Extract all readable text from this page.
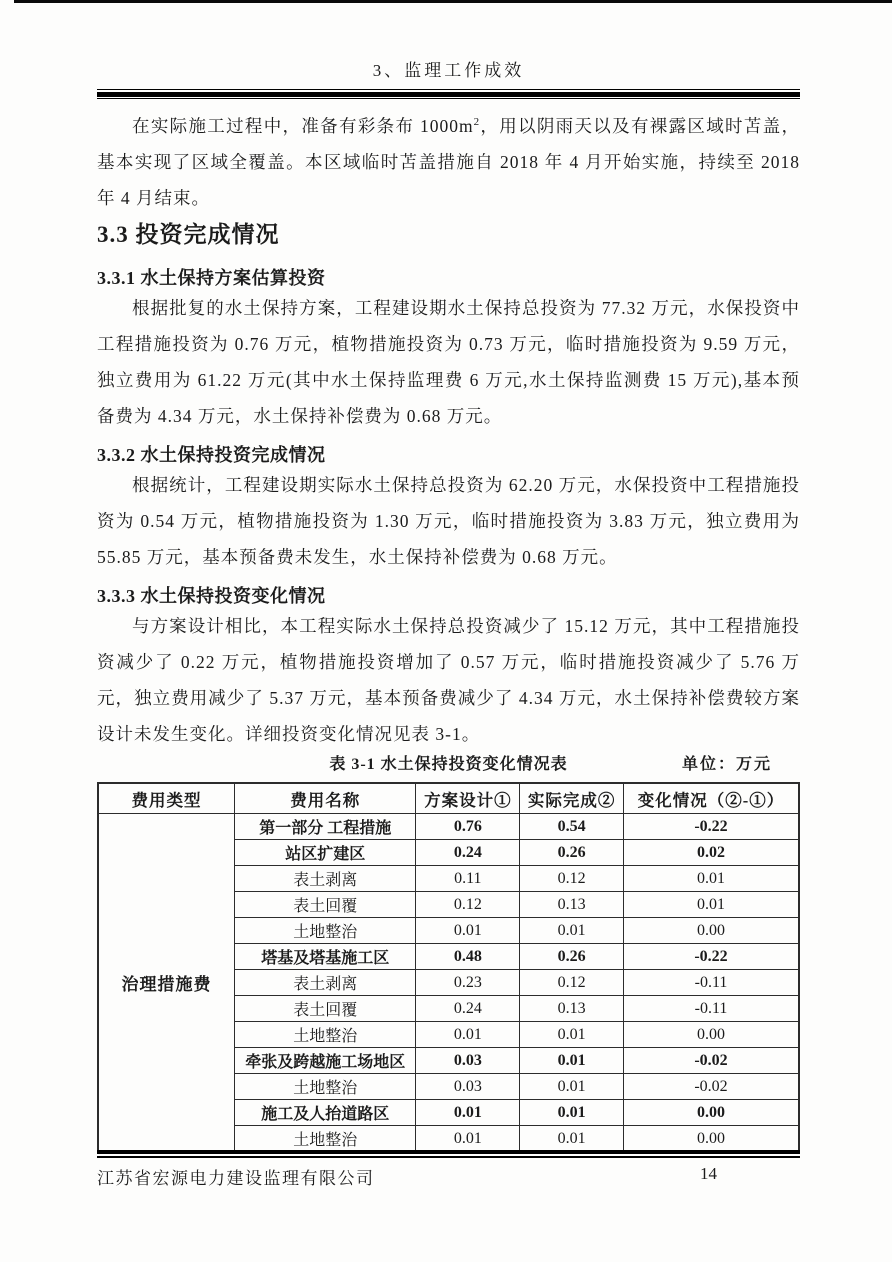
3、监理工作成效

在实际施工过程中，准备有彩条布 $1000m^2$，用以阴雨天以及有裸露区域时苫盖，基本实现了区域全覆盖。本区域临时苫盖措施自 2018 年 4 月开始实施，持续至 2018 年 4 月结束。

3.3 投资完成情况
3.3.1 水土保持方案估算投资

根据批复的水土保持方案，工程建设期水土保持总投资为 77.32 万元，水保投资中工程措施投资为 0.76 万元，植物措施投资为 0.73 万元，临时措施投资为 9.59 万元，独立费用为 61.22 万元(其中水土保持监理费 6 万元,水土保持监测费 15 万元),基本预备费为 4.34 万元，水土保持补偿费为 0.68 万元。

3.3.2 水土保持投资完成情况

根据统计，工程建设期实际水土保持总投资为 62.20 万元，水保投资中工程措施投资为 0.54 万元，植物措施投资为 1.30 万元，临时措施投资为 3.83 万元，独立费用为 55.85 万元，基本预备费未发生，水土保持补偿费为 0.68 万元。

3.3.3 水土保持投资变化情况

与方案设计相比，本工程实际水土保持总投资减少了 15.12 万元，其中工程措施投资减少了 0.22 万元，植物措施投资增加了 0.57 万元，临时措施投资减少了 5.76 万元，独立费用减少了 5.37 万元，基本预备费减少了 4.34 万元，水土保持补偿费较方案设计未发生变化。详细投资变化情况见表 3-1。

表 3-1 水土保持投资变化情况表	单位：万元
费用类型	费用名称	方案设计①	实际完成②	变化情况（②-①）
治理措施费	第一部分 工程措施	0.76	0.54	-0.22
	站区扩建区	0.24	0.26	0.02
	表土剥离	0.11	0.12	0.01
	表土回覆	0.12	0.13	0.01
	土地整治	0.01	0.01	0.00
	塔基及塔基施工区	0.48	0.26	-0.22
	表土剥离	0.23	0.12	-0.11
	表土回覆	0.24	0.13	-0.11
	土地整治	0.01	0.01	0.00
	牵张及跨越施工场地区	0.03	0.01	-0.02
	土地整治	0.03	0.01	-0.02
	施工及人抬道路区	0.01	0.01	0.00
	土地整治	0.01	0.01	0.00
江苏省宏源电力建设监理有限公司	14
